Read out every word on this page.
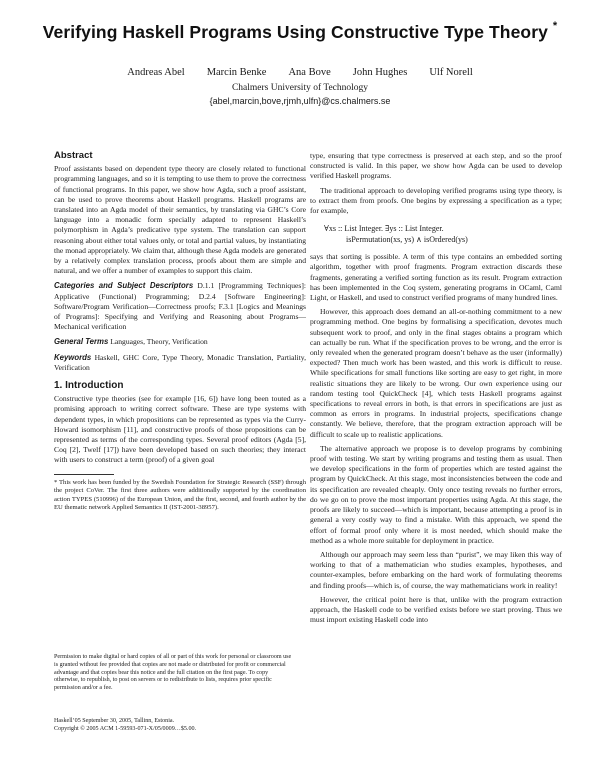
Verifying Haskell Programs Using Constructive Type Theory *
Andreas Abel Marcin Benke Ana Bove John Hughes Ulf Norell
Chalmers University of Technology
{abel,marcin,bove,rjmh,ulfn}@cs.chalmers.se
Abstract

Proof assistants based on dependent type theory are closely related to functional programming languages, and so it is tempting to use them to prove the correctness of functional programs. In this paper, we show how Agda, such a proof assistant, can be used to prove theorems about Haskell programs. Haskell programs are translated into an Agda model of their semantics, by translating via GHC’s Core language into a monadic form specially adapted to represent Haskell’s polymorphism in Agda’s predicative type system. The translation can support reasoning about either total values only, or total and partial values, by instantiating the monad appropriately. We claim that, although these Agda models are generated by a relatively complex translation process, proofs about them are simple and natural, and we offer a number of examples to support this claim.

Categories and Subject Descriptors D.1.1 [Programming Techniques]: Applicative (Functional) Programming; D.2.4 [Software Engineering]: Software/Program Verification—Correctness proofs; F.3.1 [Logics and Meanings of Programs]: Specifying and Verifying and Reasoning about Programs—Mechanical verification
General Terms Languages, Theory, Verification
Keywords Haskell, GHC Core, Type Theory, Monadic Translation, Partiality, Verification
1. Introduction

Constructive type theories (see for example [16, 6]) have long been touted as a promising approach to writing correct software. These are type systems with dependent types, in which propositions can be represented as types via the Curry-Howard isomorphism [11], and constructive proofs of those propositions can be represented as terms of the corresponding types. Several proof editors (Agda [5], Coq [2], Twelf [17]) have been developed based on such theories; they interact with users to construct a term (proof) of a given goal

* This work has been funded by the Swedish Foundation for Strategic Research (SSF) through the project CoVer. The first three authors were additionally supported by the coordination action TYPES (510996) of the European Union, and the first, second, and fourth author by the EU thematic network Applied Semantics II (IST-2001-38957).
Permission to make digital or hard copies of all or part of this work for personal or classroom use is granted without fee provided that copies are not made or distributed for profit or commercial advantage and that copies bear this notice and the full citation on the first page. To copy otherwise, to republish, to post on servers or to redistribute to lists, requires prior specific permission and/or a fee.
Haskell’05 September 30, 2005, Tallinn, Estonia.
Copyright © 2005 ACM 1-59593-071-X/05/0009…$5.00.

type, ensuring that type correctness is preserved at each step, and so the proof constructed is valid. In this paper, we show how Agda can be used to develop verified Haskell programs.

The traditional approach to developing verified programs using type theory, is to extract them from proofs. One begins by expressing a specification as a type; for example,

∀xs :: List Integer. ∃ys :: List Integer.
isPermutation(xs, ys) ∧ isOrdered(ys)

says that sorting is possible. A term of this type contains an embedded sorting algorithm, together with proof fragments. Program extraction discards these fragments, generating a verified sorting function as its result. Program extraction has been implemented in the Coq system, generating programs in OCaml, Caml Light, or Haskell, and used to construct verified programs of many hundred lines.

However, this approach does demand an all-or-nothing commitment to a new programming method. One begins by formalising a specification, devotes much subsequent work to proof, and only in the final stages obtains a program which can actually be run. What if the specification proves to be wrong, and the error is only revealed when the generated program doesn’t behave as the user (informally) expected? Then much work has been wasted, and this work is difficult to reuse. While specifications for small functions like sorting are easy to get right, in more realistic situations they are likely to be wrong. Our own experience using our random testing tool QuickCheck [4], which tests Haskell programs against specifications to reveal errors in both, is that errors in specifications are just as common as errors in programs. In industrial projects, specifications change constantly. We believe, therefore, that the program extraction approach will be difficult to scale up to realistic applications.

The alternative approach we propose is to develop programs by combining proof with testing. We start by writing programs and testing them as usual. Then we develop specifications in the form of properties which are tested against the program by QuickCheck. At this stage, most inconsistencies between the code and its specification are revealed cheaply. Only once testing reveals no further errors, do we go on to prove the most important properties using Agda. At this stage, the proofs are likely to succeed—which is important, because attempting a proof is in general a very costly way to find a mistake. With this approach, we spend the effort of formal proof only where it is most needed, which should make the method as a whole more suitable for deployment in practice.

Although our approach may seem less than “purist”, we may liken this way of working to that of a mathematician who studies examples, hypotheses, and counter-examples, before embarking on the hard work of formulating theorems and finding proofs—which is, of course, the way mathematicians work in reality!

However, the critical point here is that, unlike with the program extraction approach, the Haskell code to be verified exists before we start proving. Thus we must import existing Haskell code into
